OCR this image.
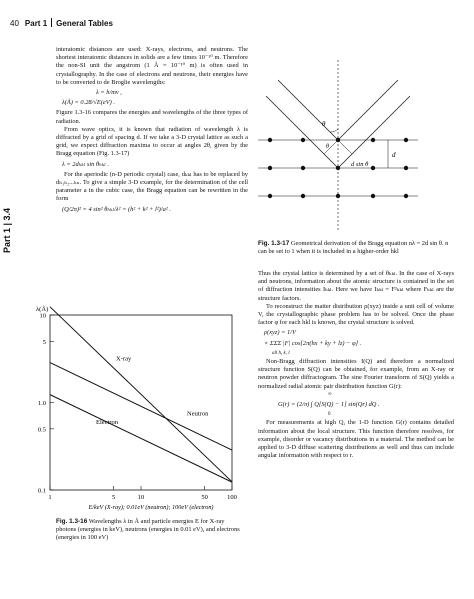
40 Part 1 General Tables
Part 1 | 3.4

interatomic distances are used: X-rays, electrons, and neutrons. The shortest interatomic distances in solids are a few times 10⁻¹⁰ m. Therefore the non-SI unit the angstrom (1 Å = 10⁻¹⁰ m) is often used in crystallography. In the case of electrons and neutrons, their energies have to be converted to de Broglie wavelengths:

λ = h/mv ,
λ(Å) = 0.28/√E(eV) .

Figure 1.3-16 compares the energies and wavelengths of the three types of radiation.

From wave optics, it is known that radiation of wavelength λ is diffracted by a grid of spacing d. If we take a 3-D crystal lattice as such a grid, we expect diffraction maxima to occur at angles 2θ, given by the Bragg equation (Fig. 1.3-17)

λ = 2dₕₖₗ sin θₕₖₗ .

For the aperiodic (n-D periodic crystal) case, dₕₖₗ has to be replaced by dₕ₁ₕ₂...ₕₙ. To give a simple 3-D example, for the determination of the cell parameter a in the cubic case, the Bragg equation can be rewritten in the form

(Q/2π)² = 4 sin² θₕₖₗ/λ² = (h² + k² + l²)/a² .
10
5
1.0
0.5
0.1
1	5	10	50	100
λ(Å)
E/keV (X-ray); 0.01eV (neutron); 100eV (electron)
X-ray
Neutron
Electron
Fig. 1.3-16 Wavelengths λ in Å and particle energies E for X-ray photons (energies in keV), neutrons (energies in 0.01 eV), and electrons (energies in 100 eV)
θ
θ
d
d sin θ
Fig. 1.3-17 Geometrical derivation of the Bragg equation nλ = 2d sin θ. n can be set to 1 when it is included in a higher-order hkl

Thus the crystal lattice is determined by a set of θₕₖₗ. In the case of X-rays and neutrons, information about the atomic structure is contained in the set of diffraction intensities Iₕₖₗ. Here we have Iₕₖₗ = F²ₕₖₗ where Fₕₖₗ are the structure factors.

To reconstruct the matter distribution ρ(xyz) inside a unit cell of volume V, the crystallographic phase problem has to be solved. Once the phase factor φ for each hkl is known, the crystal structure is solved.

ρ(xyz) = 1/V
× ΣΣΣ |F| cos[2π(hx + ky + lz) − φ] .
all h, k, l

Non-Bragg diffraction intensities I(Q) and therefore a normalized structure function S(Q) can be obtained, for example, from an X-ray or neutron powder diffractogram. The sine Fourier transform of S(Q) yields a normalized radial atomic pair distribution function G(r):

∞
G(r) = (2/π) ∫ Q[S(Q) − 1] sin(Qr) dQ .
0

For measurements at high Q, the 1-D function G(r) contains detailed information about the local structure. This function therefore resolves, for example, disorder or vacancy distributions in a material. The method can be applied to 3-D diffuse scattering distributions as well and thus can include angular information with respect to r.
